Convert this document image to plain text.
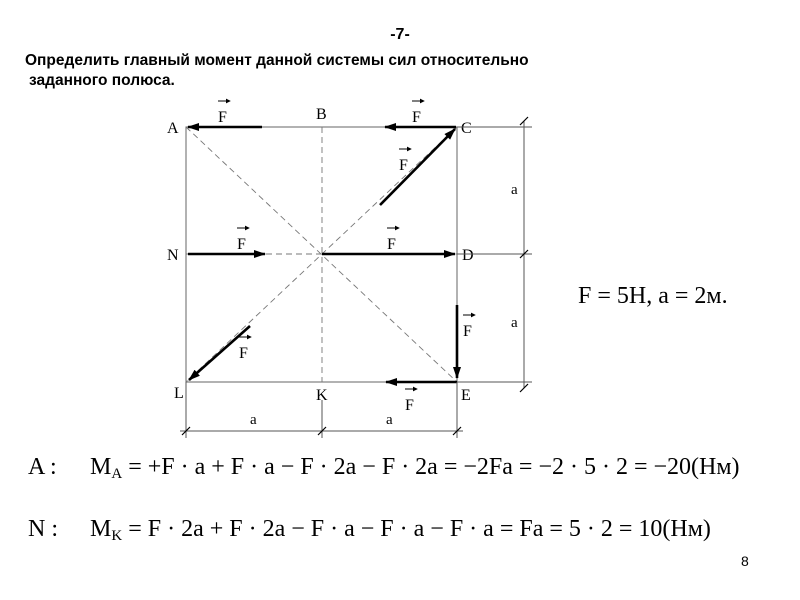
-7-
Определить главный момент данной системы сил относительно
заданного полюса.
F	F
F
F	F
F
F
F
A
B
C
N	D
L	K	E
a
a
a	a
F = 5H, a = 2м.
A : $M_A = +F \cdot a + F \cdot a - F \cdot 2a - F \cdot 2a = -2Fa = -2 \cdot 5 \cdot 2 = -20(Нм)$
N : $M_K = F \cdot 2a + F \cdot 2a - F \cdot a - F \cdot a - F \cdot a = Fa = 5 \cdot 2 = 10(Нм)$
8
